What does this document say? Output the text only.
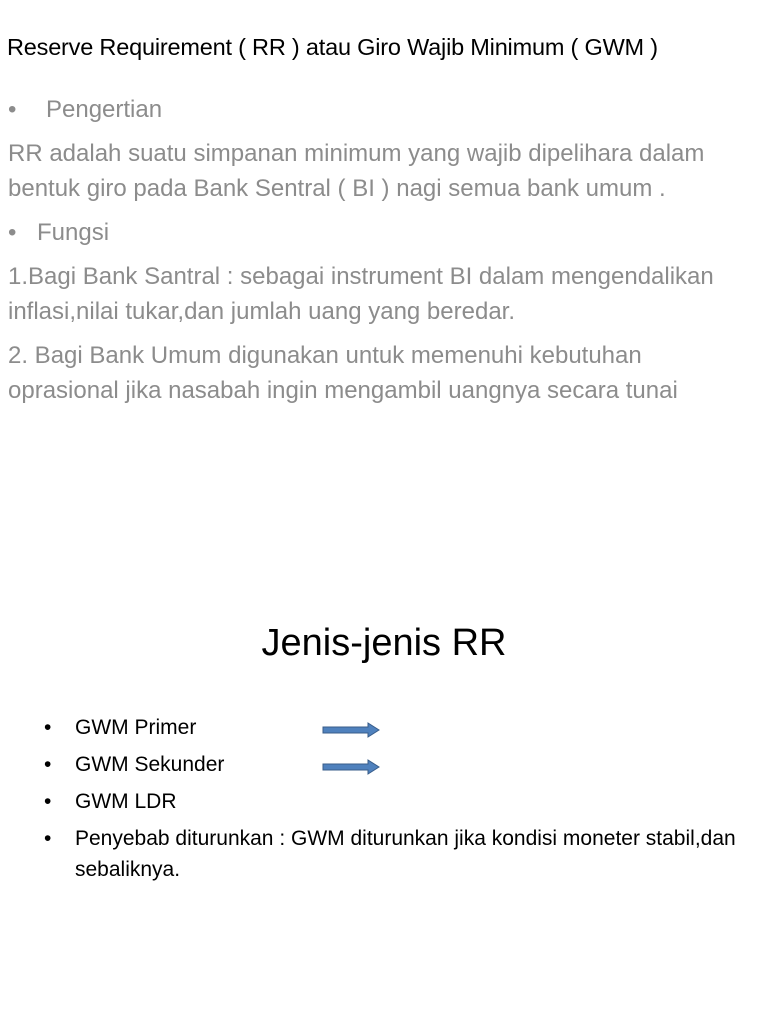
Reserve Requirement ( RR ) atau Giro Wajib Minimum ( GWM )
• Pengertian

RR adalah suatu simpanan minimum yang wajib dipelihara dalam bentuk giro pada Bank Sentral ( BI ) nagi semua bank umum .

• Fungsi

1.Bagi Bank Santral : sebagai instrument BI dalam mengendalikan inflasi,nilai tukar,dan jumlah uang yang beredar.

2. Bagi Bank Umum digunakan untuk memenuhi kebutuhan oprasional jika nasabah ingin mengambil uangnya secara tunai

Jenis-jenis RR
• GWM Primer
• GWM Sekunder
• GWM LDR
• Penyebab diturunkan : GWM diturunkan jika kondisi moneter stabil,dan sebaliknya.
